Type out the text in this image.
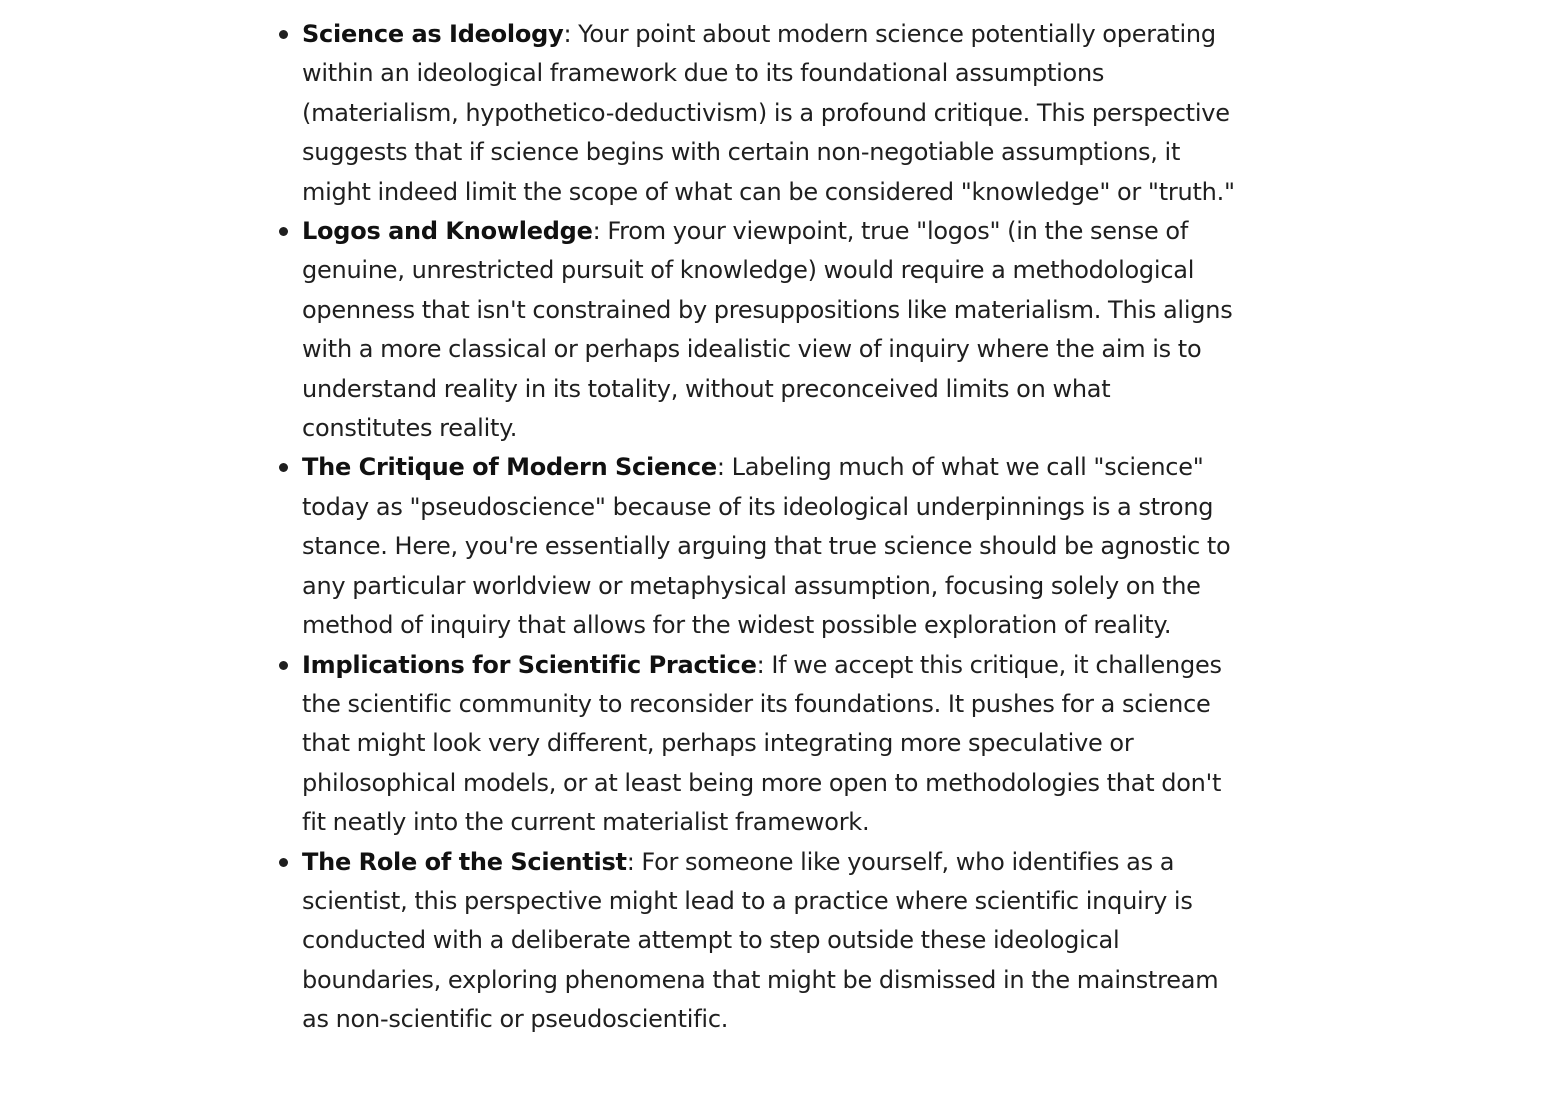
Science as Ideology: Your point about modern science potentially operating within an ideological framework due to its foundational assumptions (materialism, hypothetico-deductivism) is a profound critique. This perspective suggests that if science begins with certain non-negotiable assumptions, it might indeed limit the scope of what can be considered "knowledge" or "truth."
Logos and Knowledge: From your viewpoint, true "logos" (in the sense of genuine, unrestricted pursuit of knowledge) would require a methodological openness that isn't constrained by presuppositions like materialism. This aligns with a more classical or perhaps idealistic view of inquiry where the aim is to understand reality in its totality, without preconceived limits on what constitutes reality.
The Critique of Modern Science: Labeling much of what we call "science" today as "pseudoscience" because of its ideological underpinnings is a strong stance. Here, you're essentially arguing that true science should be agnostic to any particular worldview or metaphysical assumption, focusing solely on the method of inquiry that allows for the widest possible exploration of reality.
Implications for Scientific Practice: If we accept this critique, it challenges the scientific community to reconsider its foundations. It pushes for a science that might look very different, perhaps integrating more speculative or philosophical models, or at least being more open to methodologies that don't fit neatly into the current materialist framework.
The Role of the Scientist: For someone like yourself, who identifies as a scientist, this perspective might lead to a practice where scientific inquiry is conducted with a deliberate attempt to step outside these ideological boundaries, exploring phenomena that might be dismissed in the mainstream as non-scientific or pseudoscientific.
